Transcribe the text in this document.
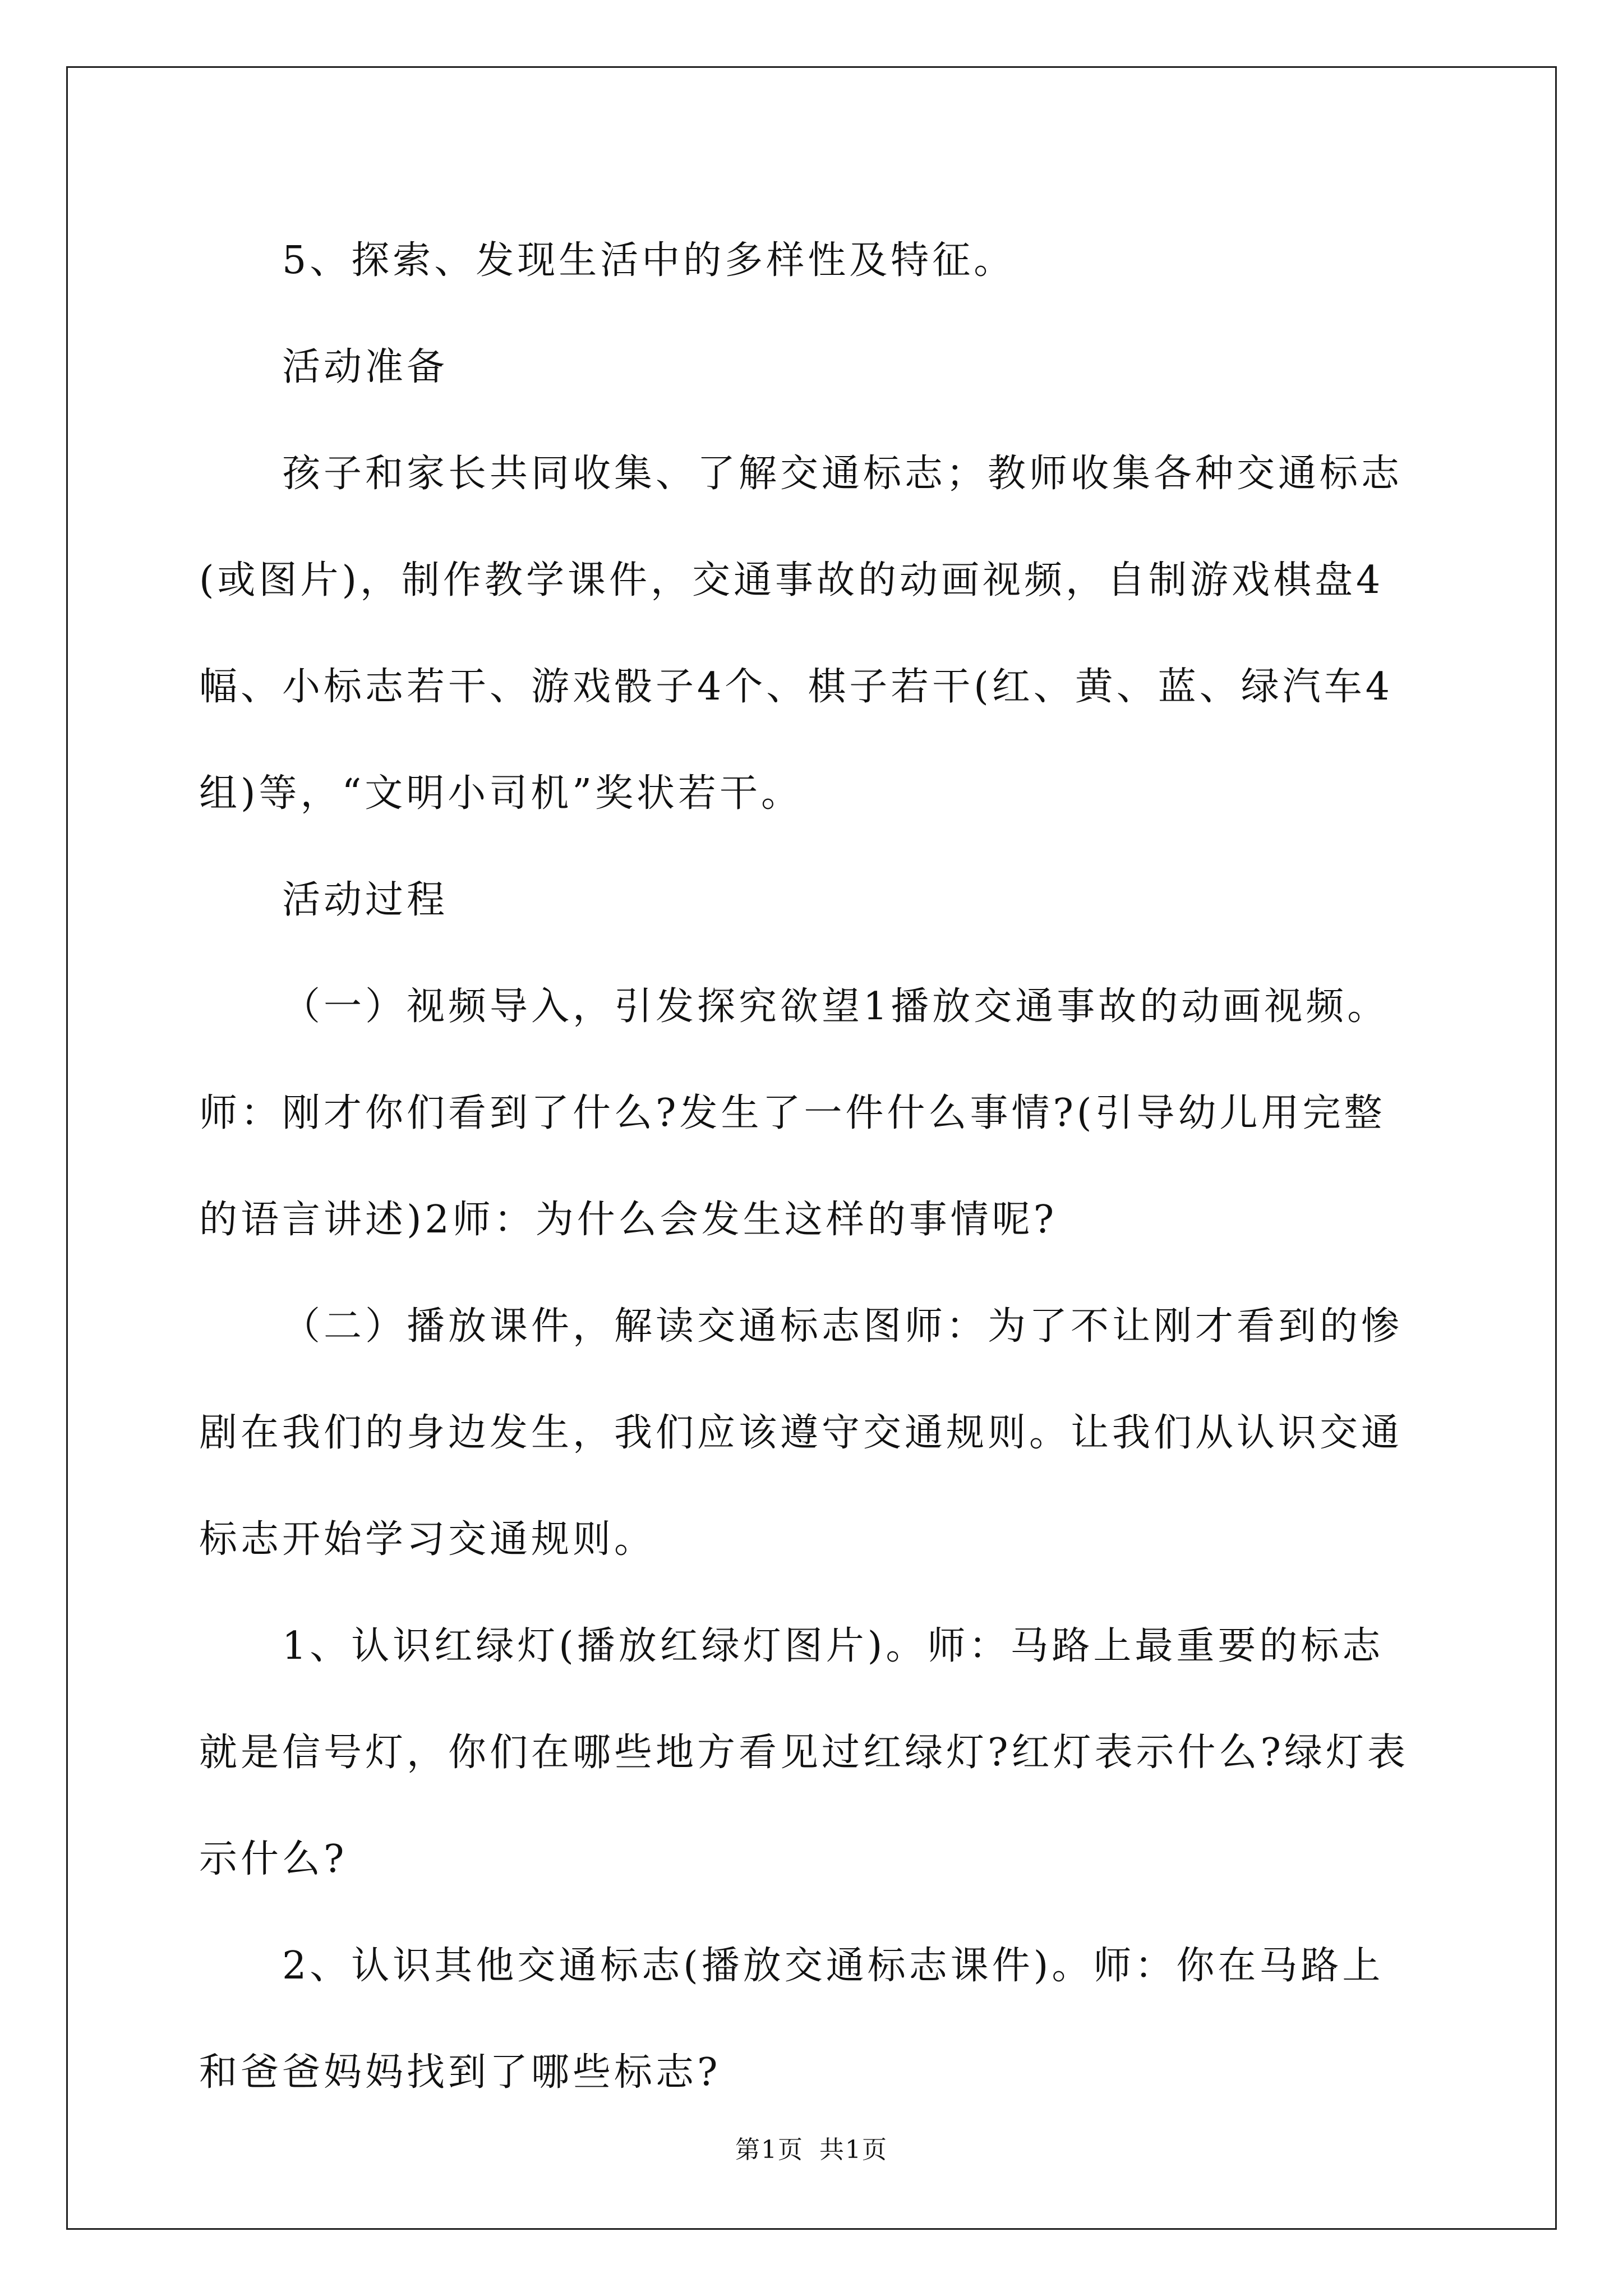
5、探索、发现生活中的多样性及特征。

活动准备

孩子和家长共同收集、了解交通标志；教师收集各种交通标志(或图片)，制作教学课件，交通事故的动画视频，自制游戏棋盘4幅、小标志若干、游戏骰子4个、棋子若干(红、黄、蓝、绿汽车4组)等，“文明小司机”奖状若干。

活动过程

（一）视频导入，引发探究欲望1播放交通事故的动画视频。师：刚才你们看到了什么?发生了一件什么事情?(引导幼儿用完整的语言讲述)2师：为什么会发生这样的事情呢?

（二）播放课件，解读交通标志图师：为了不让刚才看到的惨剧在我们的身边发生，我们应该遵守交通规则。让我们从认识交通标志开始学习交通规则。

1、认识红绿灯(播放红绿灯图片)。师：马路上最重要的标志就是信号灯，你们在哪些地方看见过红绿灯?红灯表示什么?绿灯表示什么?

2、认识其他交通标志(播放交通标志课件)。师：你在马路上和爸爸妈妈找到了哪些标志?

第1页 共1页
